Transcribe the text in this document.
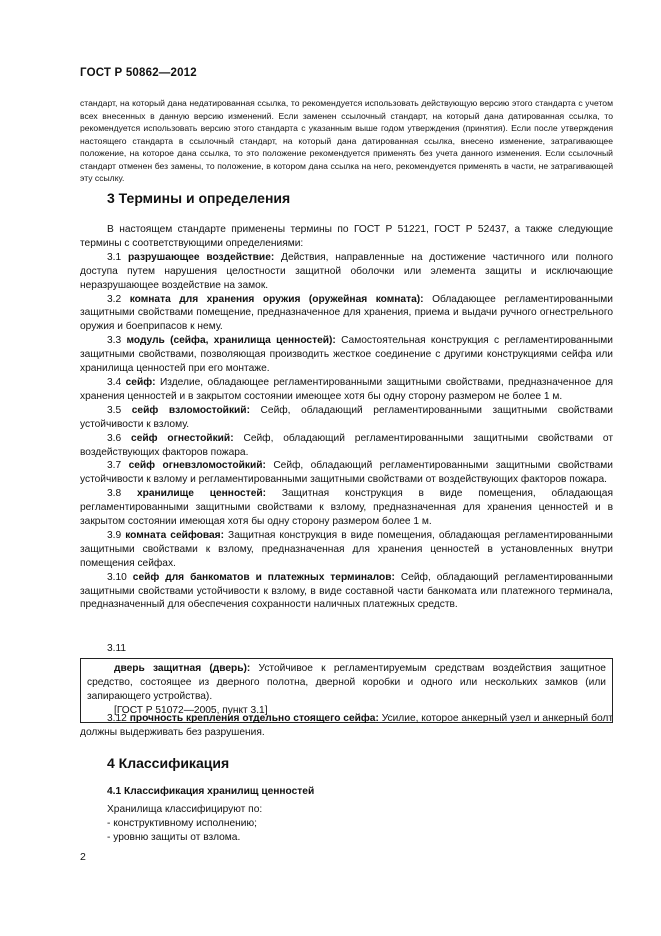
ГОСТ Р 50862—2012
стандарт, на который дана недатированная ссылка, то рекомендуется использовать действующую версию этого стандарта с учетом всех внесенных в данную версию изменений. Если заменен ссылочный стандарт, на который дана датированная ссылка, то рекомендуется использовать версию этого стандарта с указанным выше годом утверждения (принятия). Если после утверждения настоящего стандарта в ссылочный стандарт, на который дана датированная ссылка, внесено изменение, затрагивающее положение, на которое дана ссылка, то это положение рекомендуется применять без учета данного изменения. Если ссылочный стандарт отменен без замены, то положение, в котором дана ссылка на него, рекомендуется применять в части, не затрагивающей эту ссылку.
3 Термины и определения

В настоящем стандарте применены термины по ГОСТ Р 51221, ГОСТ Р 52437, а также следующие термины с соответствующими определениями:

3.1 разрушающее воздействие: Действия, направленные на достижение частичного или полного доступа путем нарушения целостности защитной оболочки или элемента защиты и исключающие неразрушающее воздействие на замок.

3.2 комната для хранения оружия (оружейная комната): Обладающее регламентированными защитными свойствами помещение, предназначенное для хранения, приема и выдачи ручного огнестрельного оружия и боеприпасов к нему.

3.3 модуль (сейфа, хранилища ценностей): Самостоятельная конструкция с регламентированными защитными свойствами, позволяющая производить жесткое соединение с другими конструкциями сейфа или хранилища ценностей при его монтаже.

3.4 сейф: Изделие, обладающее регламентированными защитными свойствами, предназначенное для хранения ценностей и в закрытом состоянии имеющее хотя бы одну сторону размером не более 1 м.

3.5 сейф взломостойкий: Сейф, обладающий регламентированными защитными свойствами устойчивости к взлому.

3.6 сейф огнестойкий: Сейф, обладающий регламентированными защитными свойствами от воздействующих факторов пожара.

3.7 сейф огневзломостойкий: Сейф, обладающий регламентированными защитными свойствами устойчивости к взлому и регламентированными защитными свойствами от воздействующих факторов пожара.

3.8 хранилище ценностей: Защитная конструкция в виде помещения, обладающая регламентированными защитными свойствами к взлому, предназначенная для хранения ценностей и в закрытом состоянии имеющая хотя бы одну сторону размером более 1 м.

3.9 комната сейфовая: Защитная конструкция в виде помещения, обладающая регламентированными защитными свойствами к взлому, предназначенная для хранения ценностей в установленных внутри помещения сейфах.

3.10 сейф для банкоматов и платежных терминалов: Сейф, обладающий регламентированными защитными свойствами устойчивости к взлому, в виде составной части банкомата или платежного терминала, предназначенный для обеспечения сохранности наличных платежных средств.

3.11

дверь защитная (дверь): Устойчивое к регламентируемым средствам воздействия защитное средство, состоящее из дверного полотна, дверной коробки и одного или нескольких замков (или запирающего устройства).

[ГОСТ Р 51072—2005, пункт 3.1]

3.12 прочность крепления отдельно стоящего сейфа: Усилие, которое анкерный узел и анкерный болт должны выдерживать без разрушения.

4 Классификация
4.1 Классификация хранилищ ценностей
Хранилища классифицируют по:
- конструктивному исполнению;
- уровню защиты от взлома.
2
